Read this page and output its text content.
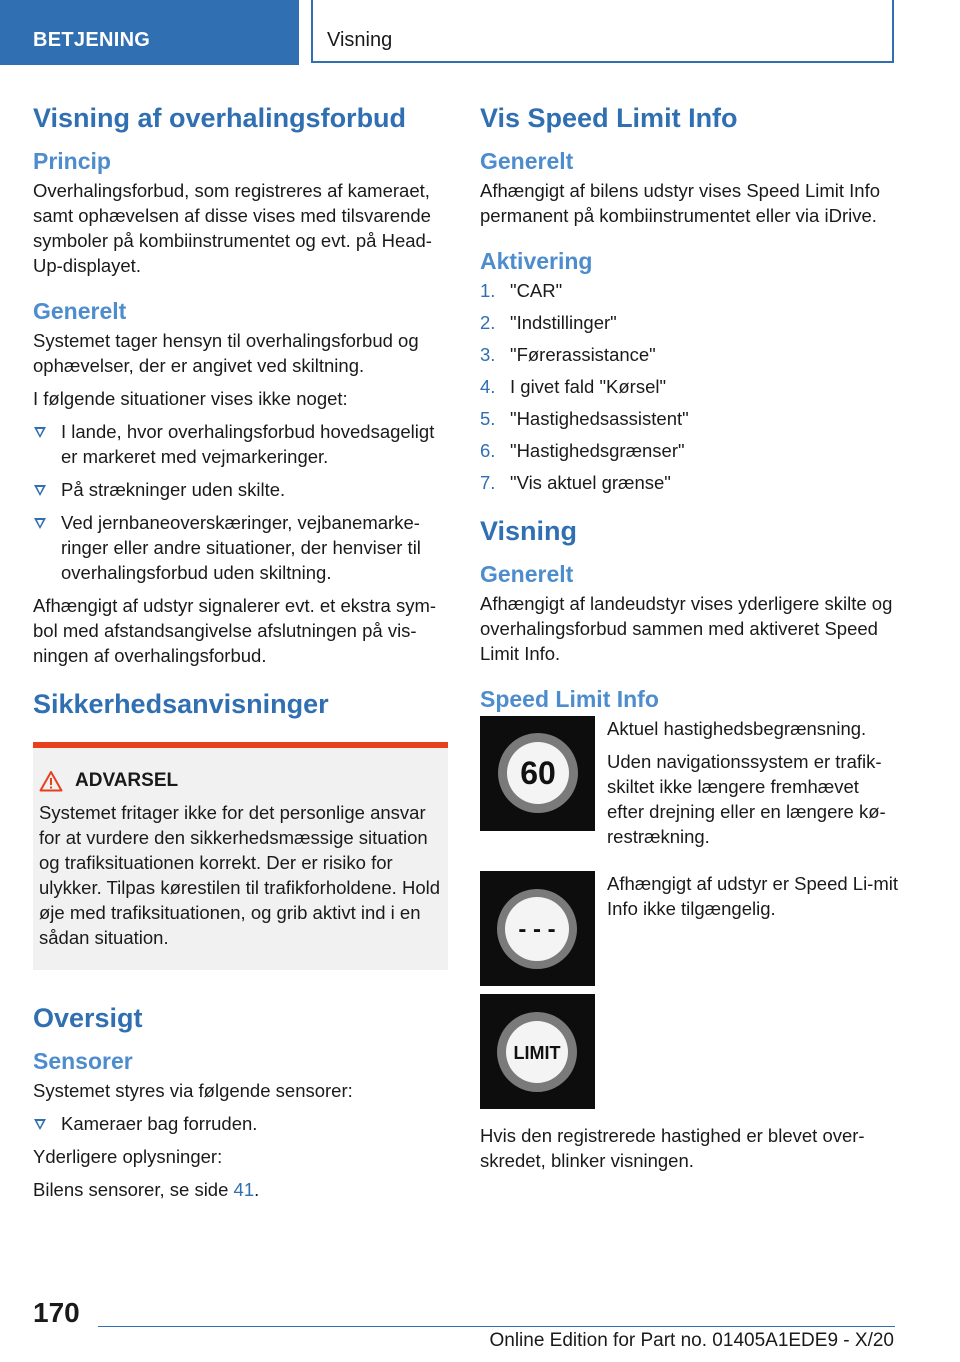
BETJENING	Visning
Visning af overhalingsforbud
Princip

Overhalingsforbud, som registreres af kameraet, samt ophævelsen af disse vises med tilsvarende symboler på kombiinstrumentet og evt. på Head-Up-displayet.

Generelt

Systemet tager hensyn til overhalingsforbud og ophævelser, der er angivet ved skiltning.

I følgende situationer vises ikke noget:

I lande, hvor overhalingsforbud hovedsageligt er markeret med vejmarkeringer.
På strækninger uden skilte.
Ved jernbaneoverskæringer, vejbanemarke-ringer eller andre situationer, der henviser til overhalingsforbud uden skiltning.

Afhængigt af udstyr signalerer evt. et ekstra sym-bol med afstandsangivelse afslutningen på vis-ningen af overhalingsforbud.

Sikkerhedsanvisninger
ADVARSEL

Systemet fritager ikke for det personlige ansvar for at vurdere den sikkerhedsmæssige situation og trafiksituationen korrekt. Der er risiko for ulykker. Tilpas kørestilen til trafikforholdene. Hold øje med trafiksituationen, og grib aktivt ind i en sådan situation.

Oversigt
Sensorer

Systemet styres via følgende sensorer:

Kameraer bag forruden.

Yderligere oplysninger:

Bilens sensorer, se side 41.

Vis Speed Limit Info
Generelt

Afhængigt af bilens udstyr vises Speed Limit Info permanent på kombiinstrumentet eller via iDrive.

Aktivering
1. "CAR"
2. "Indstillinger"
3. "Førerassistance"
4. I givet fald "Kørsel"
5. "Hastighedsassistent"
6. "Hastighedsgrænser"
7. "Vis aktuel grænse"
Visning
Generelt

Afhængigt af landeudstyr vises yderligere skilte og overhalingsforbud sammen med aktiveret Speed Limit Info.

Speed Limit Info
60

Aktuel hastighedsbegrænsning.

Uden navigationssystem er trafik-skiltet ikke længere fremhævet efter drejning eller en længere kø-restrækning.

- - -

Afhængigt af udstyr er Speed Li-mit Info ikke tilgængelig.

LIMIT

Hvis den registrerede hastighed er blevet over-skredet, blinker visningen.

170
Online Edition for Part no. 01405A1EDE9 - X/20
